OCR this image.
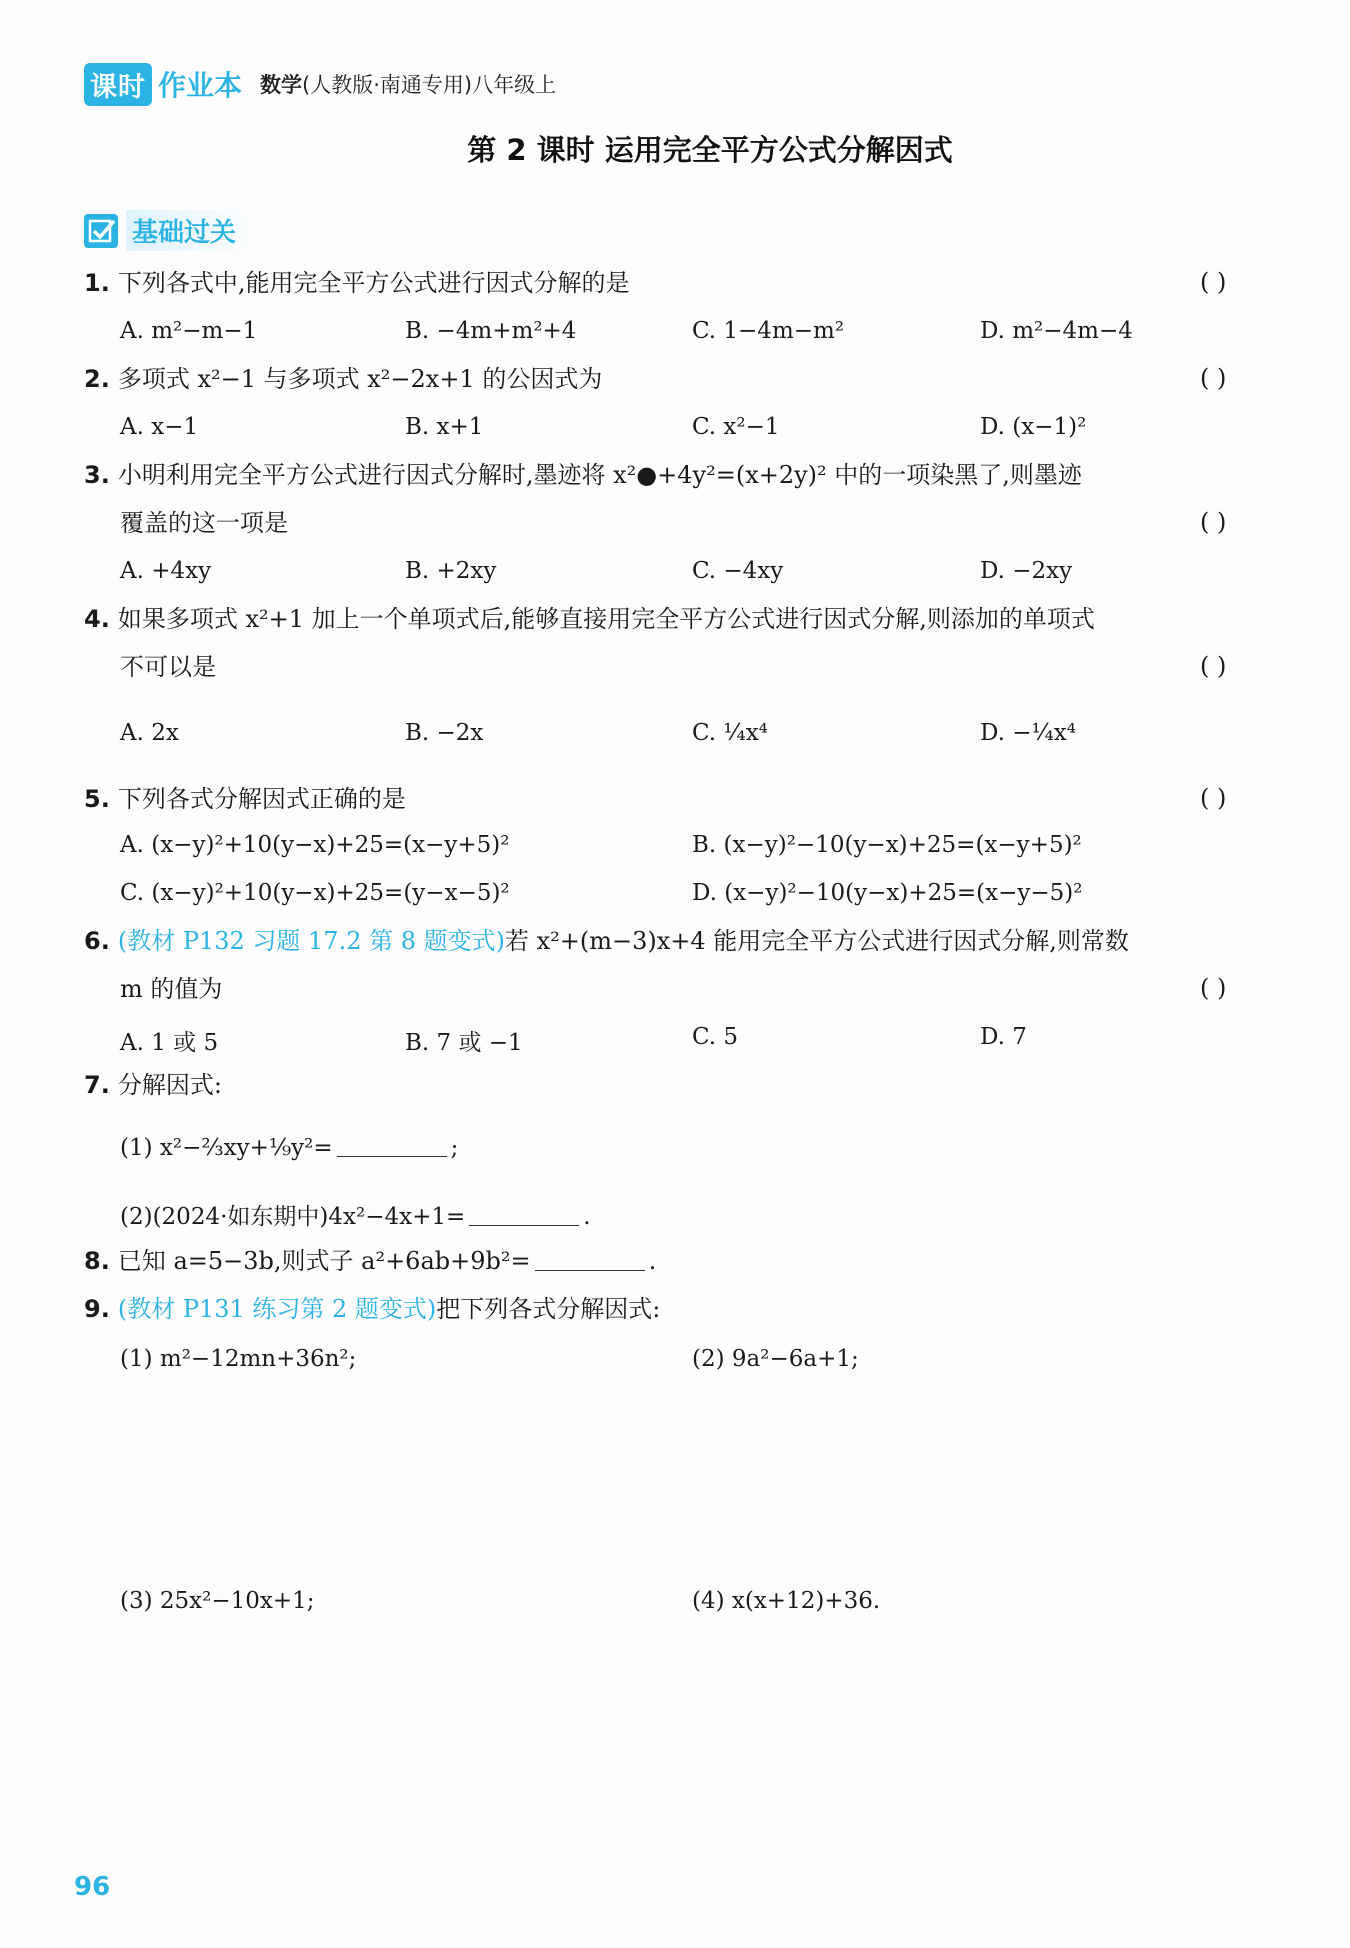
课时 作业本 数学(人教版·南通专用)八年级上
第 2 课时 运用完全平方公式分解因式
基础过关
1. 下列各式中,能用完全平方公式进行因式分解的是	( )
A. m²−m−1	B. −4m+m²+4	C. 1−4m−m²	D. m²−4m−4
2. 多项式 x²−1 与多项式 x²−2x+1 的公因式为	( )
A. x−1	B. x+1	C. x²−1	D. (x−1)²
3. 小明利用完全平方公式进行因式分解时,墨迹将 x²●+4y²=(x+2y)² 中的一项染黑了,则墨迹
覆盖的这一项是	( )
A. +4xy	B. +2xy	C. −4xy	D. −2xy
4. 如果多项式 x²+1 加上一个单项式后,能够直接用完全平方公式进行因式分解,则添加的单项式
不可以是	( )
A. 2x	B. −2x	C. ¼x⁴	D. −¼x⁴
5. 下列各式分解因式正确的是	( )
A. (x−y)²+10(y−x)+25=(x−y+5)²	B. (x−y)²−10(y−x)+25=(x−y+5)²
C. (x−y)²+10(y−x)+25=(y−x−5)²	D. (x−y)²−10(y−x)+25=(x−y−5)²
6. (教材 P132 习题 17.2 第 8 题变式)若 x²+(m−3)x+4 能用完全平方公式进行因式分解,则常数
m 的值为	( )
A. 1 或 5	B. 7 或 −1	C. 5	D. 7
7. 分解因式:
(1) x²−⅔xy+⅑y²=	;
(2)(2024·如东期中)4x²−4x+1=	.
8. 已知 a=5−3b,则式子 a²+6ab+9b²=	.
9. (教材 P131 练习第 2 题变式)把下列各式分解因式:
(1) m²−12mn+36n²;	(2) 9a²−6a+1;
(3) 25x²−10x+1;	(4) x(x+12)+36.
96
